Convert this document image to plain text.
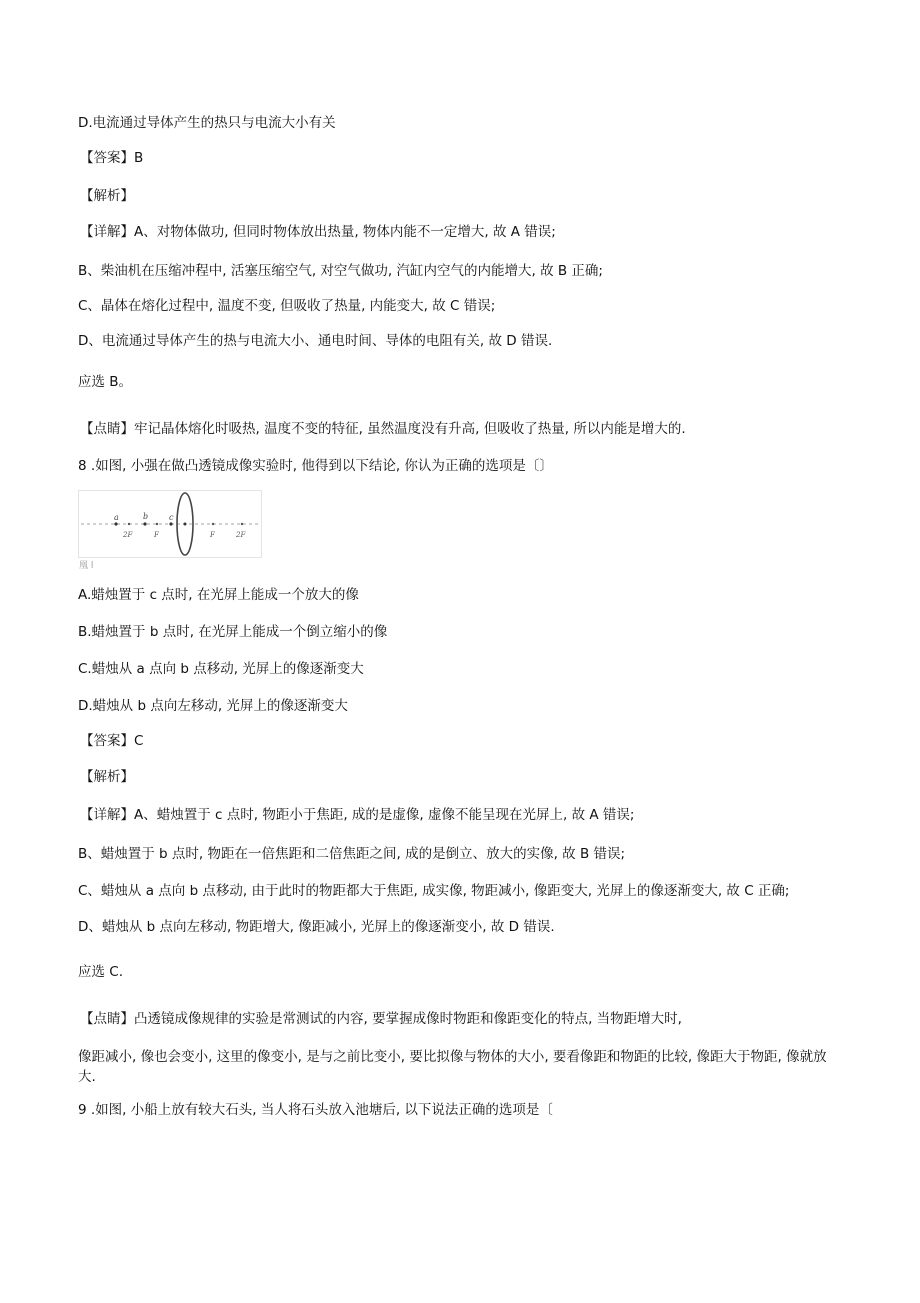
D.电流通过导体产生的热只与电流大小有关
【答案】B
【解析】
【详解】A、对物体做功, 但同时物体放出热量, 物体内能不一定增大, 故 A 错误;
B、柴油机在压缩冲程中, 活塞压缩空气, 对空气做功, 汽缸内空气的内能增大, 故 B 正确;
C、晶体在熔化过程中, 温度不变, 但吸收了热量, 内能变大, 故 C 错误;
D、电流通过导体产生的热与电流大小、通电时间、导体的电阻有关, 故 D 错误.
应选 B。
【点睛】牢记晶体熔化时吸热, 温度不变的特征, 虽然温度没有升高, 但吸收了热量, 所以内能是增大的.
8 .如图, 小强在做凸透镜成像实验时, 他得到以下结论, 你认为正确的选项是〔〕
a	b	c
2F	F	F	2F
凰 l
A.蜡烛置于 c 点时, 在光屏上能成一个放大的像
B.蜡烛置于 b 点时, 在光屏上能成一个倒立缩小的像
C.蜡烛从 a 点向 b 点移动, 光屏上的像逐渐变大
D.蜡烛从 b 点向左移动, 光屏上的像逐渐变大
【答案】C
【解析】
【详解】A、蜡烛置于 c 点时, 物距小于焦距, 成的是虚像, 虚像不能呈现在光屏上, 故 A 错误;
B、蜡烛置于 b 点时, 物距在一倍焦距和二倍焦距之间, 成的是倒立、放大的实像, 故 B 错误;
C、蜡烛从 a 点向 b 点移动, 由于此时的物距都大于焦距, 成实像, 物距减小, 像距变大, 光屏上的像逐渐变大, 故 C 正确;
D、蜡烛从 b 点向左移动, 物距增大, 像距减小, 光屏上的像逐渐变小, 故 D 错误.
应选 C.
【点睛】凸透镜成像规律的实验是常测试的内容, 要掌握成像时物距和像距变化的特点, 当物距增大时,
像距减小, 像也会变小, 这里的像变小, 是与之前比变小, 要比拟像与物体的大小, 要看像距和物距的比较, 像距大于物距, 像就放大.
9 .如图, 小船上放有较大石头, 当人将石头放入池塘后, 以下说法正确的选项是〔
